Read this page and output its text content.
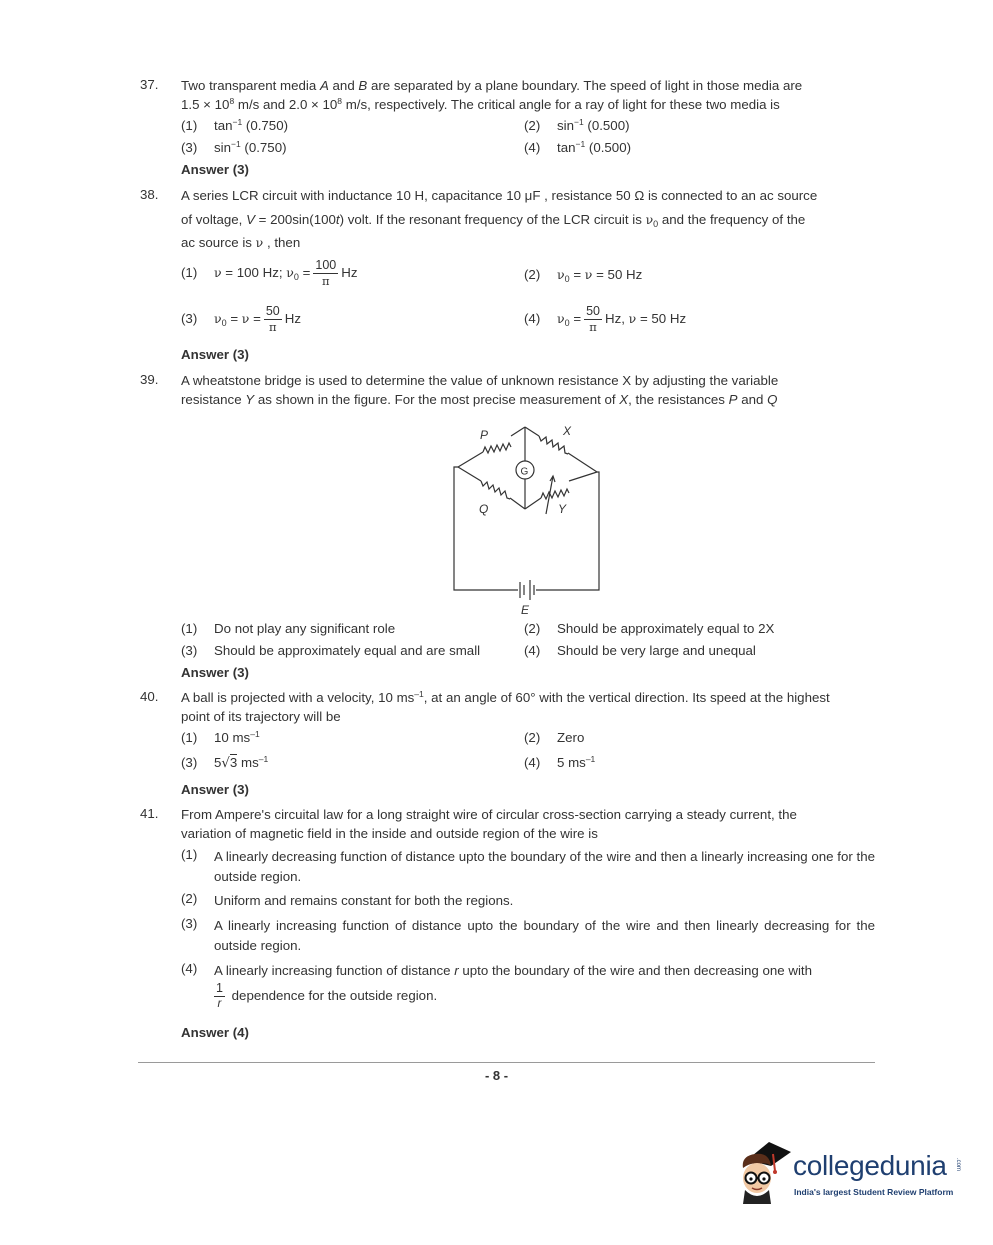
37. Two transparent media A and B are separated by a plane boundary. The speed of light in those media are
$1.5 \times 10^8$ m/s and $2.0 \times 10^8$ m/s, respectively. The critical angle for a ray of light for these two media is
(1) $\tan^{-1} (0.750)$	(2) $\sin^{-1} (0.500)$
(3) $\sin^{-1} (0.750)$	(4) $\tan^{-1} (0.500)$
Answer (3)
38. A series LCR circuit with inductance 10 H, capacitance 10 μF , resistance 50 Ω is connected to an ac source
of voltage, V = 200sin(100t) volt. If the resonant frequency of the LCR circuit is $\nu_0$ and the frequency of the
ac source is ν , then
(1) ν = 100 Hz; $\nu_0 = \frac{100}{\pi}$ Hz	(2) $\nu_0 = \nu = 50$ Hz
(3) $\nu_0 = \nu = \frac{50}{\pi}$ Hz	(4) $\nu_0 = \frac{50}{\pi} Hz$, ν = 50 Hz
Answer (3)
39. A wheatstone bridge is used to determine the value of unknown resistance X by adjusting the variable
resistance Y as shown in the figure. For the most precise measurement of X, the resistances P and Q
P	X
Q	Y
E
G
(1) Do not play any significant role	(2) Should be approximately equal to 2X
(3) Should be approximately equal and are small	(4) Should be very large and unequal
Answer (3)
40. A ball is projected with a velocity, 10 $ms^{-1}$, at an angle of 60° with the vertical direction. Its speed at the highest
point of its trajectory will be
(1) 10 $ms^{-1}$	(2) Zero
(3) 5√3 $ms^{-1}$	(4) 5 $ms^{-1}$
Answer (3)
41. From Ampere's circuital law for a long straight wire of circular cross-section carrying a steady current, the
variation of magnetic field in the inside and outside region of the wire is
(1) A linearly decreasing function of distance upto the boundary of the wire and then a linearly increasing one for the outside region.
(2) Uniform and remains constant for both the regions.
(3) A linearly increasing function of distance upto the boundary of the wire and then linearly decreasing for the outside region.
(4) A linearly increasing function of distance r upto the boundary of the wire and then decreasing one with
$\frac{1}{r}$ dependence for the outside region.
Answer (4)
- 8 -
collegedunia .com
India's largest Student Review Platform
